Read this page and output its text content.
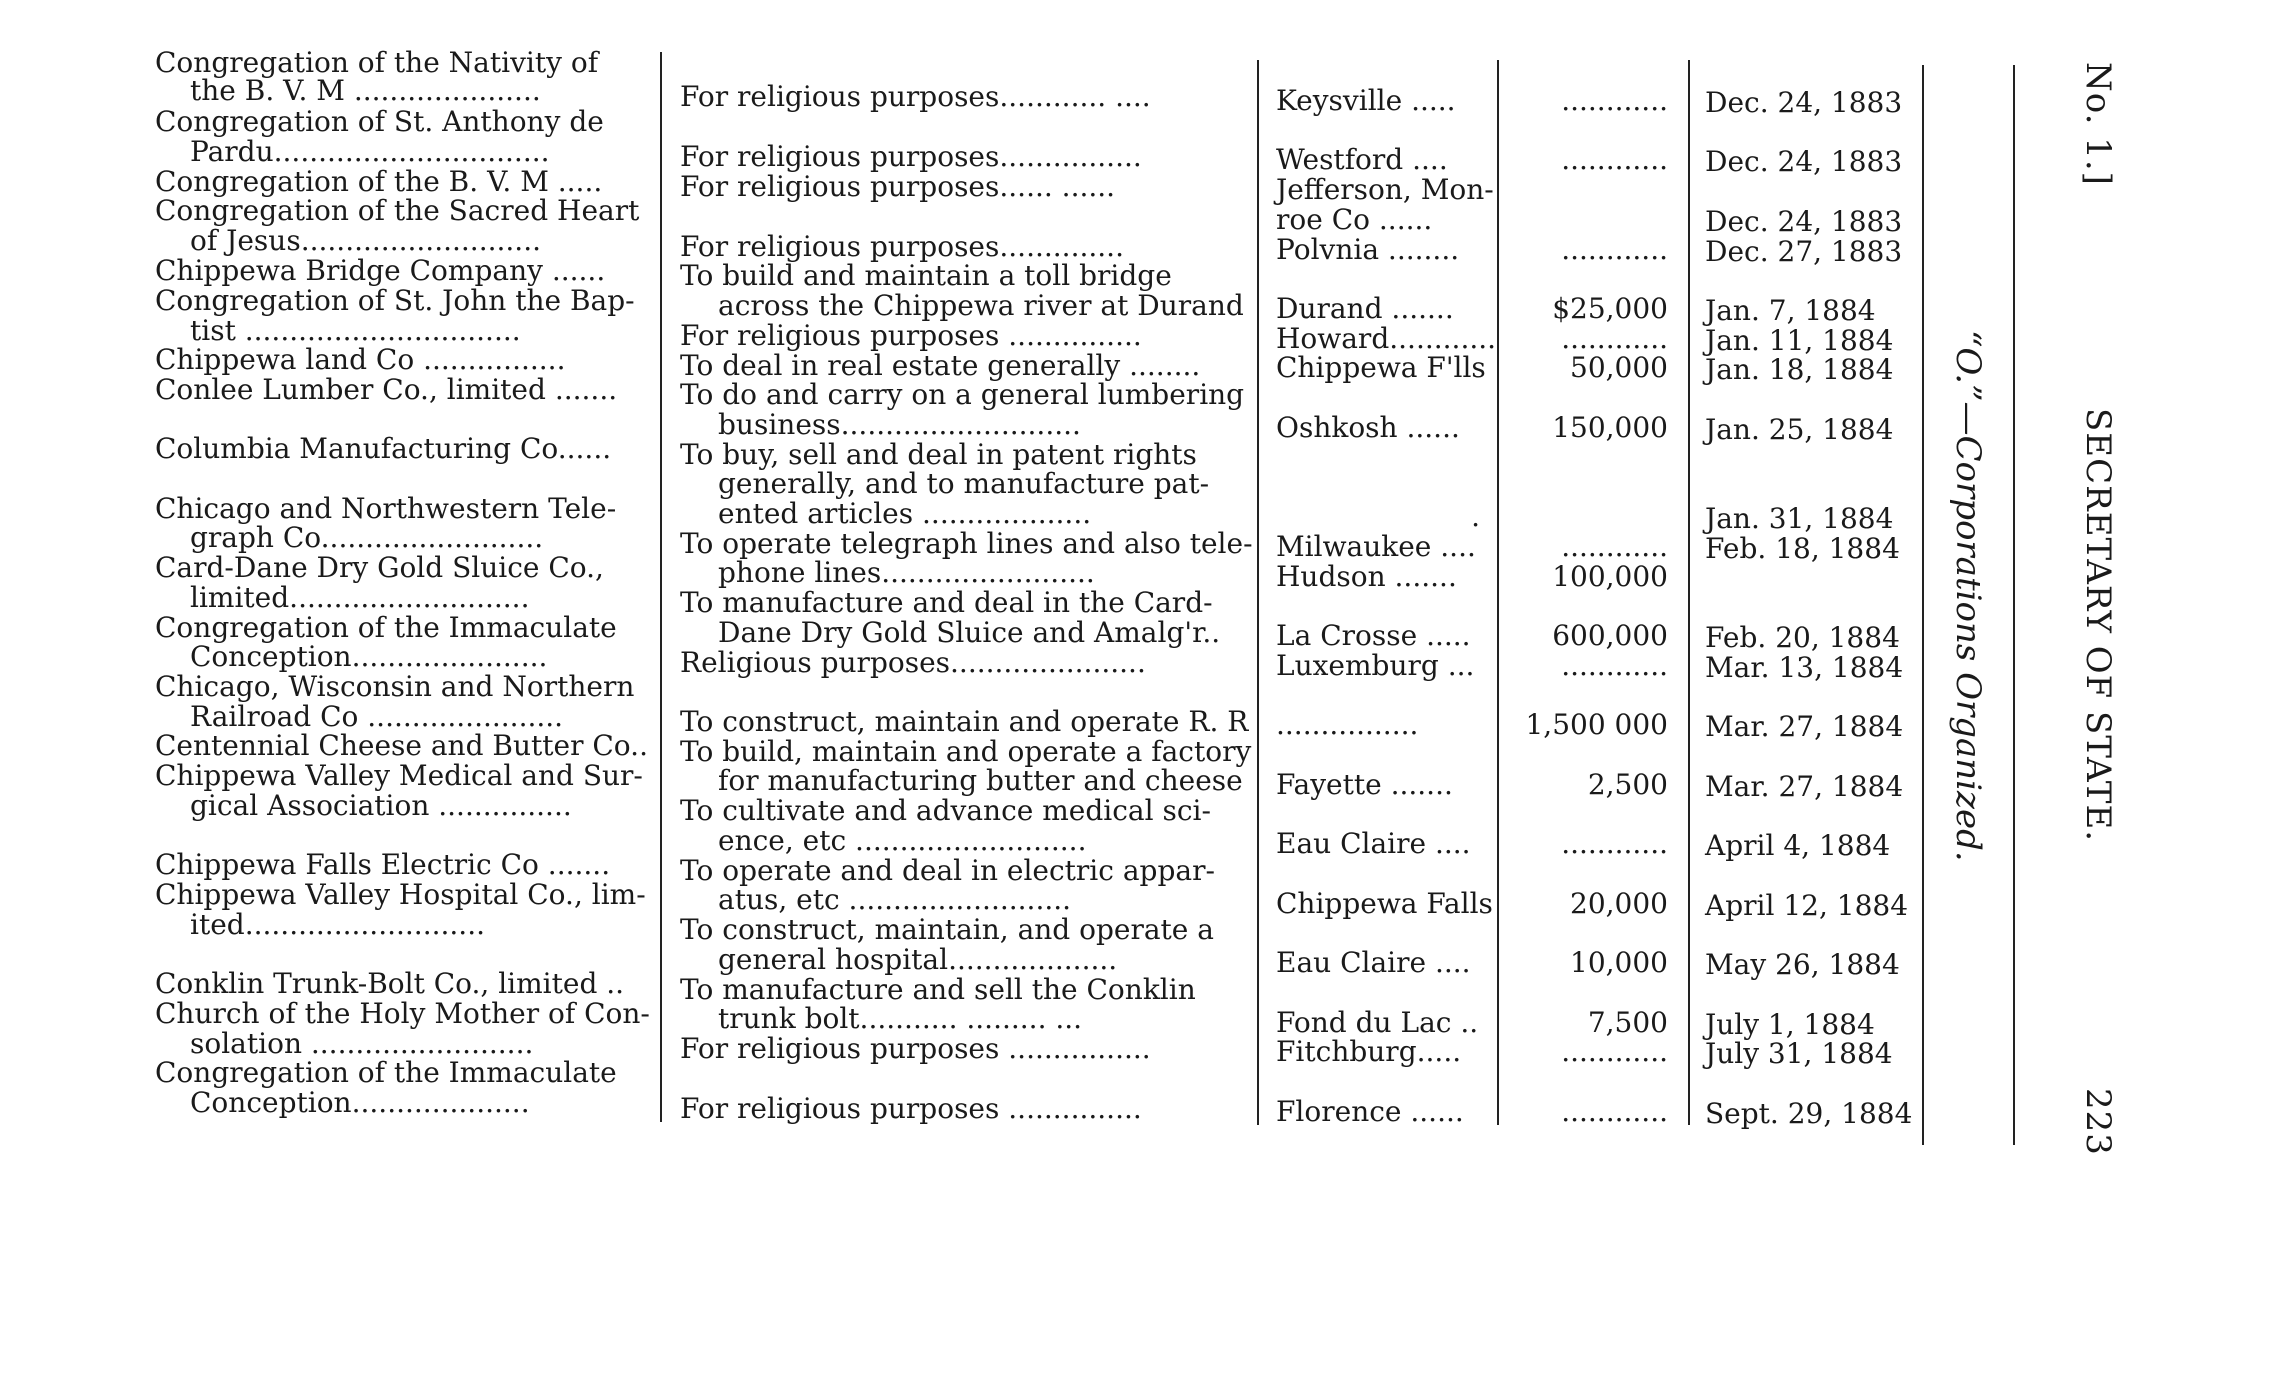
Congregation of the Nativity of
the B. V. M .....................
Congregation of St. Anthony de
Pardu...............................
Congregation of the B. V. M .....
Congregation of the Sacred Heart
of Jesus...........................
Chippewa Bridge Company ......
Congregation of St. John the Bap-
tist ...............................
Chippewa land Co ................
Conlee Lumber Co., limited .......
Columbia Manufacturing Co......
Chicago and Northwestern Tele-
graph Co.........................
Card-Dane Dry Gold Sluice Co.,
limited...........................
Congregation of the Immaculate
Conception......................
Chicago, Wisconsin and Northern
Railroad Co ......................
Centennial Cheese and Butter Co..
Chippewa Valley Medical and Sur-
gical Association ...............
Chippewa Falls Electric Co .......
Chippewa Valley Hospital Co., lim-
ited...........................
Conklin Trunk-Bolt Co., limited ..
Church of the Holy Mother of Con-
solation .........................
Congregation of the Immaculate
Conception....................
For religious purposes............ ....
For religious purposes................
For religious purposes...... ......
For religious purposes..............
To build and maintain a toll bridge
across the Chippewa river at Durand
For religious purposes ...............
To deal in real estate generally ........
To do and carry on a general lumbering
business...........................
To buy, sell and deal in patent rights
generally, and to manufacture pat-
ented articles ...................
To operate telegraph lines and also tele-
phone lines........................
To manufacture and deal in the Card-
Dane Dry Gold Sluice and Amalg'r..
Religious purposes......................
To construct, maintain and operate R. R
To build, maintain and operate a factory
for manufacturing butter and cheese
To cultivate and advance medical sci-
ence, etc ..........................
To operate and deal in electric appar-
atus, etc .........................
To construct, maintain, and operate a
general hospital...................
To manufacture and sell the Conklin
trunk bolt........... ......... ...
For religious purposes ................
For religious purposes ...............
Keysville .....
Westford ....
Jefferson, Mon-
roe Co ......
Polvnia ........
Durand .......
Howard............
Chippewa F'lls
Oshkosh ......
Milwaukee ....
Hudson .......
La Crosse .....
Luxemburg ...
................
Fayette .......
Eau Claire ....
Chippewa Falls
Eau Claire ....
Fond du Lac ..
Fitchburg.....
Florence ......
............
............
............
$25,000
............
50,000
150,000
.
............
100,000
600,000
............
1,500 000
2,500
............
20,000
10,000
7,500
............
............
Dec. 24, 1883
Dec. 24, 1883
Dec. 24, 1883
Dec. 27, 1883
Jan. 7, 1884
Jan. 11, 1884
Jan. 18, 1884
Jan. 25, 1884
Jan. 31, 1884
Feb. 18, 1884
Feb. 20, 1884
Mar. 13, 1884
Mar. 27, 1884
Mar. 27, 1884
April 4, 1884
April 12, 1884
May 26, 1884
July 1, 1884
July 31, 1884
Sept. 29, 1884
“O.”—Corporations Organized.
No. 1.]
SECRETARY OF STATE.
223
